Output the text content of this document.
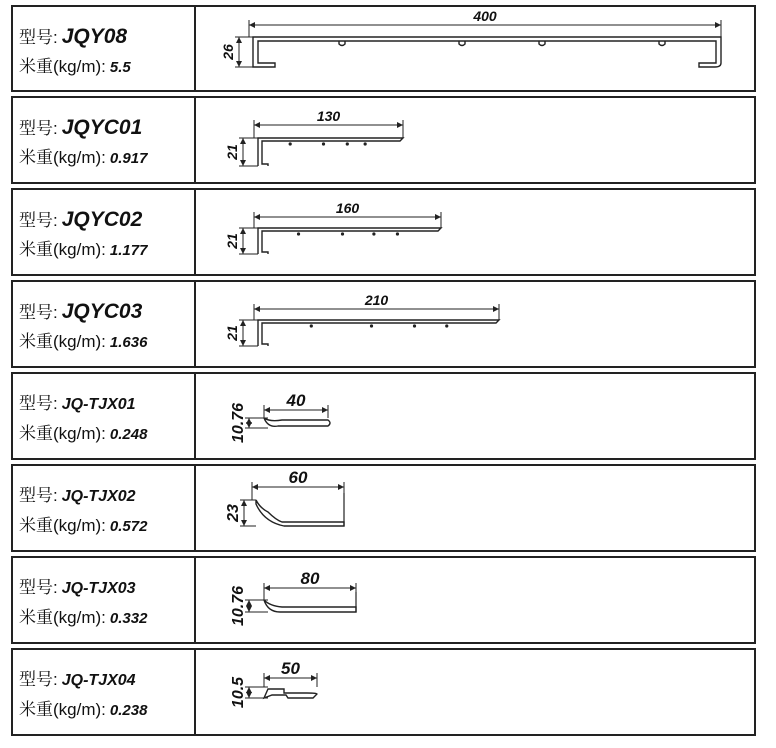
型号: JQY08
米重(kg/m): 5.5
400
26
型号: JQYC01
米重(kg/m): 0.917
130
21
型号: JQYC02
米重(kg/m): 1.177
160
21
型号: JQYC03
米重(kg/m): 1.636
210
21
型号: JQ-TJX01
米重(kg/m): 0.248
40
10.76
型号: JQ-TJX02
米重(kg/m): 0.572
60
23
型号: JQ-TJX03
米重(kg/m): 0.332
80
10.76
型号: JQ-TJX04
米重(kg/m): 0.238
50
10.5
